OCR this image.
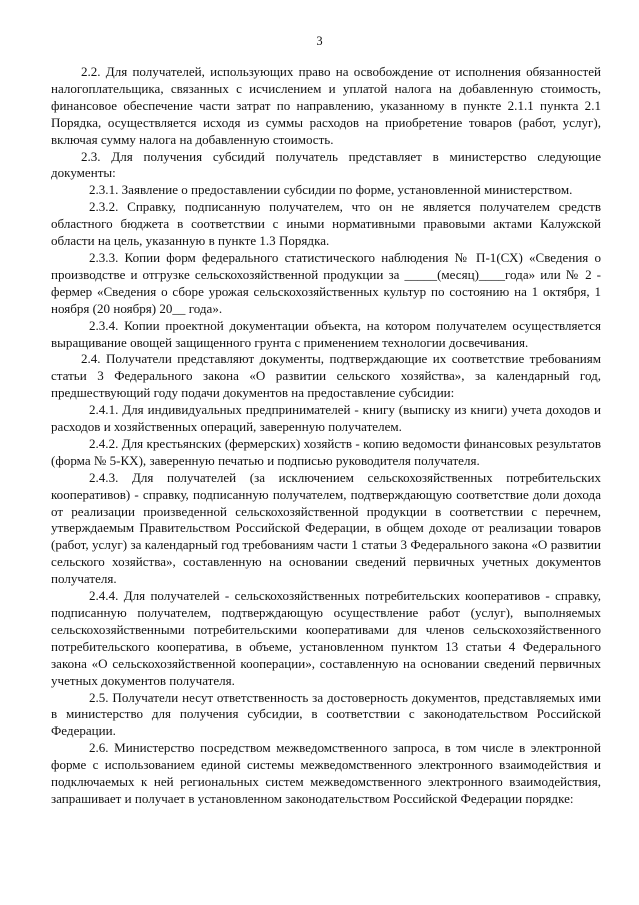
3

2.2. Для получателей, использующих право на освобождение от исполнения обязанностей налогоплательщика, связанных с исчислением и уплатой налога на добавленную стоимость, финансовое обеспечение части затрат по направлению, указанному в пункте 2.1.1 пункта 2.1 Порядка, осуществляется исходя из суммы расходов на приобретение товаров (работ, услуг), включая сумму налога на добавленную стоимость.

2.3. Для получения субсидий получатель представляет в министерство следующие документы:

2.3.1. Заявление о предоставлении субсидии по форме, установленной министерством.

2.3.2. Справку, подписанную получателем, что он не является получателем средств областного бюджета в соответствии с иными нормативными правовыми актами Калужской области на цель, указанную в пункте 1.3 Порядка.

2.3.3. Копии форм федерального статистического наблюдения № П-1(СХ) «Сведения о производстве и отгрузке сельскохозяйственной продукции за _____(месяц)____года» или № 2 - фермер «Сведения о сборе урожая сельскохозяйственных культур по состоянию на 1 октября, 1 ноября (20 ноября) 20__ года».

2.3.4. Копии проектной документации объекта, на котором получателем осуществляется выращивание овощей защищенного грунта с применением технологии досвечивания.

2.4. Получатели представляют документы, подтверждающие их соответствие требованиям статьи 3 Федерального закона «О развитии сельского хозяйства», за календарный год, предшествующий году подачи документов на предоставление субсидии:

2.4.1. Для индивидуальных предпринимателей - книгу (выписку из книги) учета доходов и расходов и хозяйственных операций, заверенную получателем.

2.4.2. Для крестьянских (фермерских) хозяйств - копию ведомости финансовых результатов (форма № 5-КХ), заверенную печатью и подписью руководителя получателя.

2.4.3. Для получателей (за исключением сельскохозяйственных потребительских кооперативов) - справку, подписанную получателем, подтверждающую соответствие доли дохода от реализации произведенной сельскохозяйственной продукции в соответствии с перечнем, утверждаемым Правительством Российской Федерации, в общем доходе от реализации товаров (работ, услуг) за календарный год требованиям части 1 статьи 3 Федерального закона «О развитии сельского хозяйства», составленную на основании сведений первичных учетных документов получателя.

2.4.4. Для получателей - сельскохозяйственных потребительских кооперативов - справку, подписанную получателем, подтверждающую осуществление работ (услуг), выполняемых сельскохозяйственными потребительскими кооперативами для членов сельскохозяйственного потребительского кооператива, в объеме, установленном пунктом 13 статьи 4 Федерального закона «О сельскохозяйственной кооперации», составленную на основании сведений первичных учетных документов получателя.

2.5. Получатели несут ответственность за достоверность документов, представляемых ими в министерство для получения субсидии, в соответствии с законодательством Российской Федерации.

2.6. Министерство посредством межведомственного запроса, в том числе в электронной форме с использованием единой системы межведомственного электронного взаимодействия и подключаемых к ней региональных систем межведомственного электронного взаимодействия, запрашивает и получает в установленном законодательством Российской Федерации порядке:
